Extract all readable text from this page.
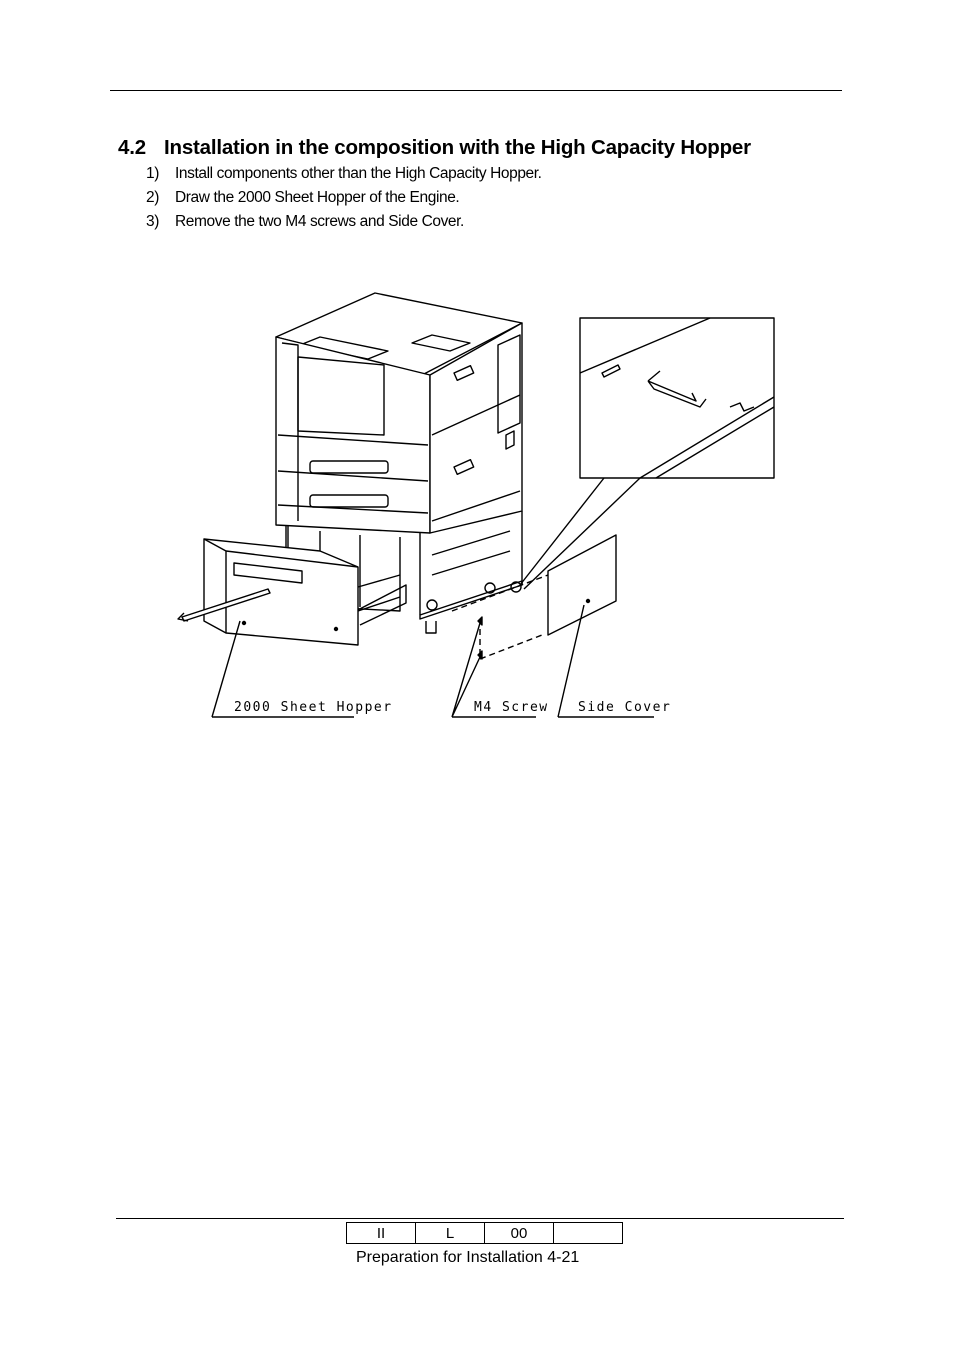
4.2 Installation in the composition with the High Capacity Hopper
1) Install components other than the High Capacity Hopper.
2) Draw the 2000 Sheet Hopper of the Engine.
3) Remove the two M4 screws and Side Cover.
2000 Sheet Hopper	M4 Screw Side Cover
II	L	00	
Preparation for Installation 4-21
